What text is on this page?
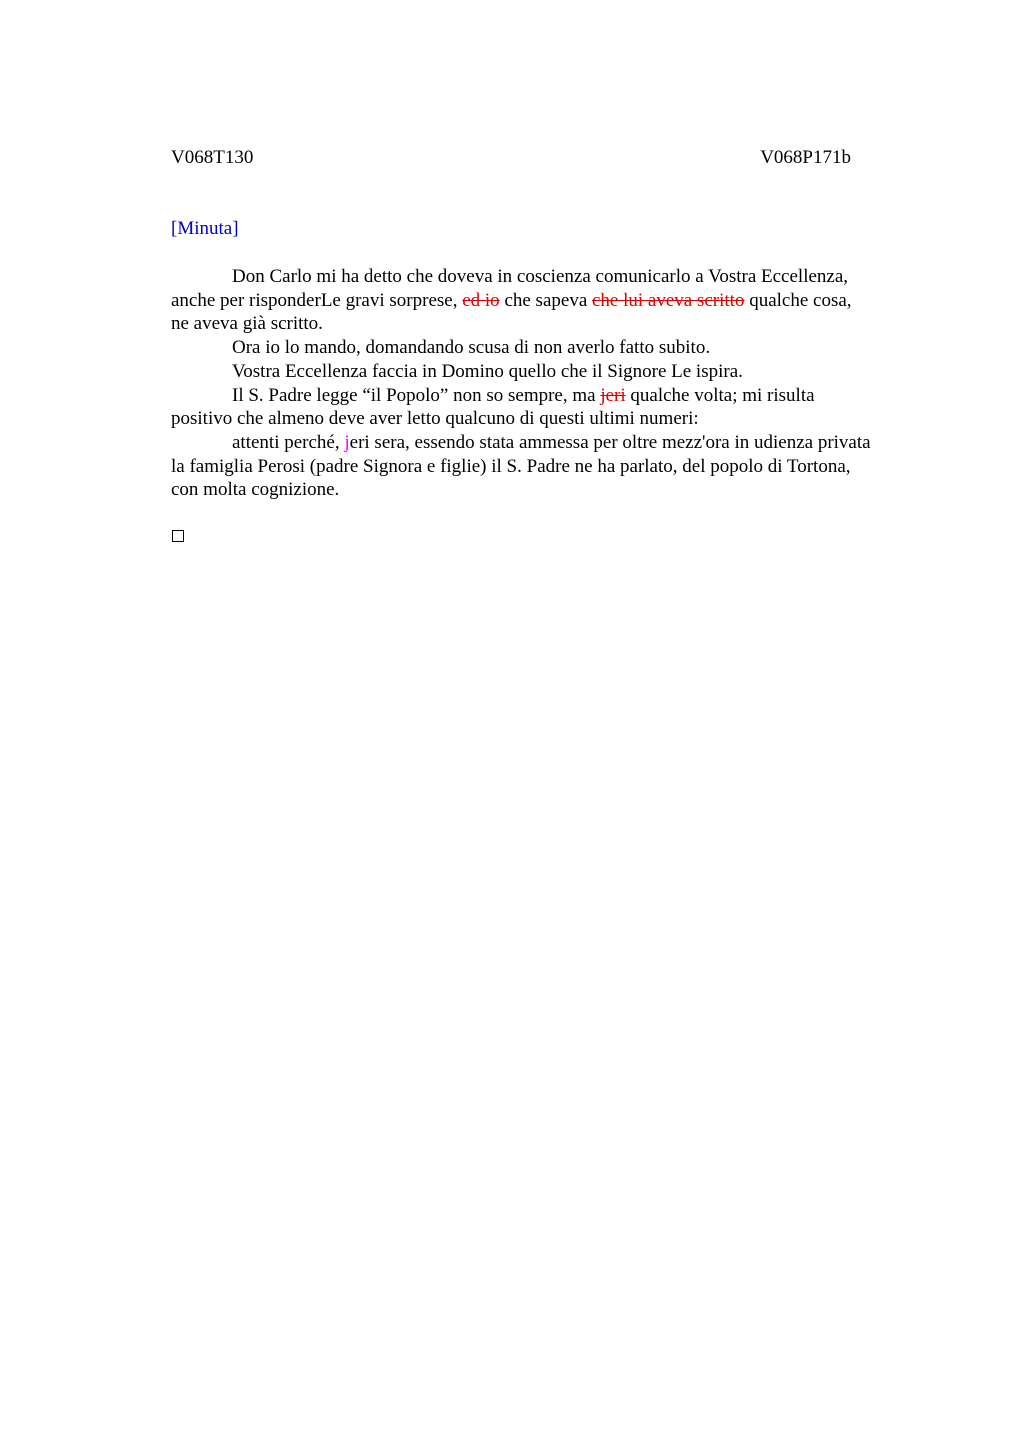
V068T130	V068P171b
[Minuta]
Don Carlo mi ha detto che doveva in coscienza comunicarlo a Vostra Eccellenza,
anche per risponderLe gravi sorprese, ed io che sapeva che lui aveva scritto qualche cosa,
ne aveva già scritto.
Ora io lo mando, domandando scusa di non averlo fatto subito.
Vostra Eccellenza faccia in Domino quello che il Signore Le ispira.
Il S. Padre legge “il Popolo” non so sempre, ma jeri qualche volta; mi risulta
positivo che almeno deve aver letto qualcuno di questi ultimi numeri:
attenti perché, jeri sera, essendo stata ammessa per oltre mezz'ora in udienza privata
la famiglia Perosi (padre Signora e figlie) il S. Padre ne ha parlato, del popolo di Tortona,
con molta cognizione.
